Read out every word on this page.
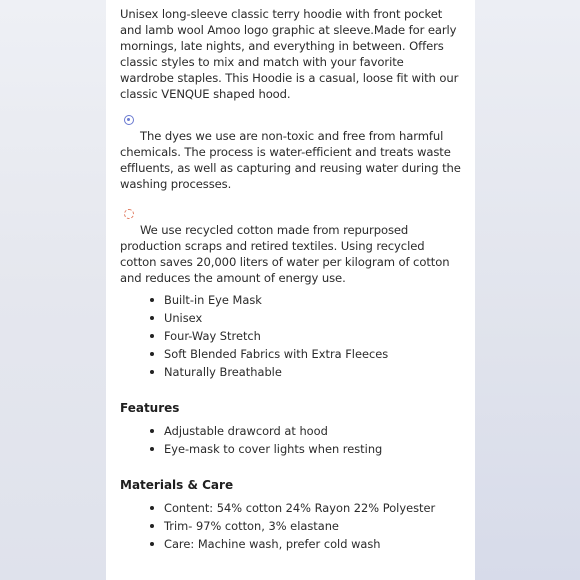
Unisex long-sleeve classic terry hoodie with front pocket and lamb wool Amoo logo graphic at sleeve.Made for early mornings, late nights, and everything in between. Offers classic styles to mix and match with your favorite wardrobe staples. This Hoodie is a casual, loose fit with our classic VENQUE shaped hood.

The dyes we use are non-toxic and free from harmful chemicals. The process is water-efficient and treats waste effluents, as well as capturing and reusing water during the washing processes.

We use recycled cotton made from repurposed production scraps and retired textiles. Using recycled cotton saves 20,000 liters of water per kilogram of cotton and reduces the amount of energy use.

Built-in Eye Mask
Unisex
Four-Way Stretch
Soft Blended Fabrics with Extra Fleeces
Naturally Breathable
Features
Adjustable drawcord at hood
Eye-mask to cover lights when resting
Materials & Care
Content: 54% cotton 24% Rayon 22% Polyester
Trim- 97% cotton, 3% elastane
Care: Machine wash, prefer cold wash
